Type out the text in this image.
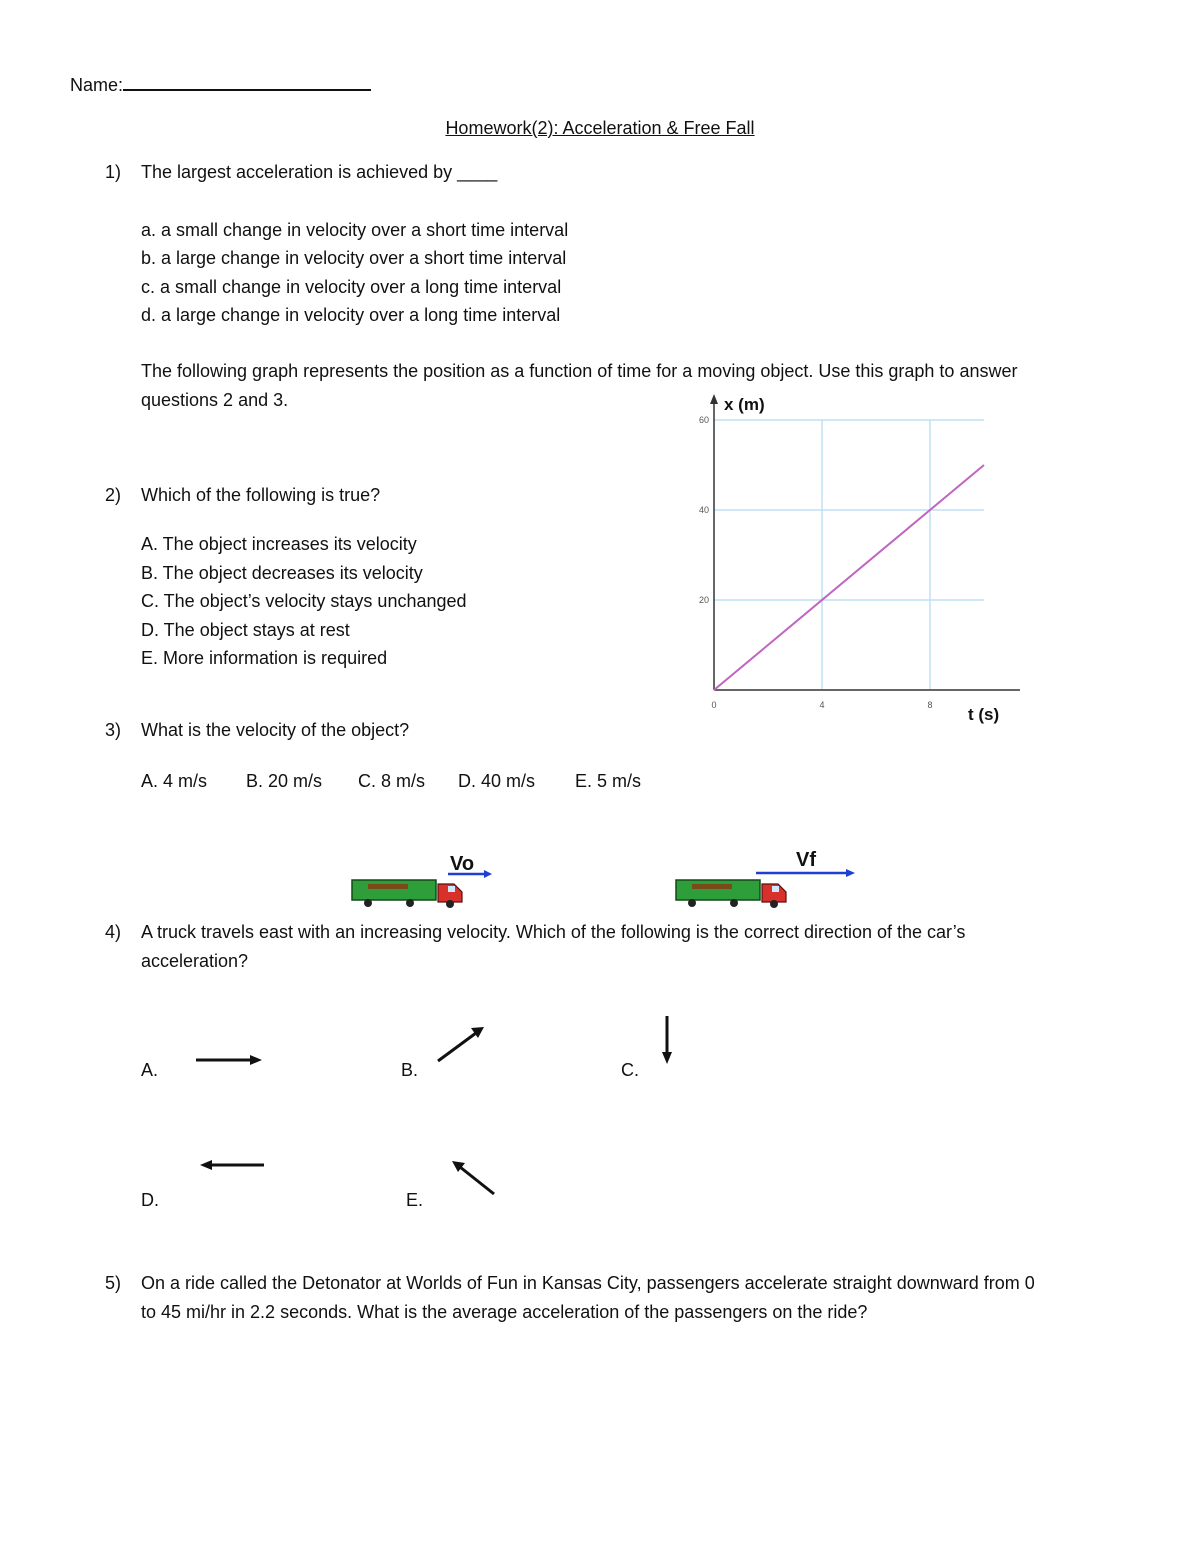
Name:
Homework(2): Acceleration & Free Fall
1) The largest acceleration is achieved by ____
a. a small change in velocity over a short time interval
b. a large change in velocity over a short time interval
c. a small change in velocity over a long time interval
d. a large change in velocity over a long time interval
The following graph represents the position as a function of time for a moving object. Use this graph to answer
questions 2 and 3.
0	4	8
20
40
60
x (m)
t (s)
2) Which of the following is true?
A. The object increases its velocity
B. The object decreases its velocity
C. The object’s velocity stays unchanged
D. The object stays at rest
E. More information is required
3) What is the velocity of the object?
A. 4 m/s B. 20 m/s C. 8 m/s D. 40 m/s E. 5 m/s
Vo	Vf
4) A truck travels east with an increasing velocity. Which of the following is the correct direction of the car’s
acceleration?
A.	B.	C.
D.	E.
5) On a ride called the Detonator at Worlds of Fun in Kansas City, passengers accelerate straight downward from 0
to 45 mi/hr in 2.2 seconds. What is the average acceleration of the passengers on the ride?
